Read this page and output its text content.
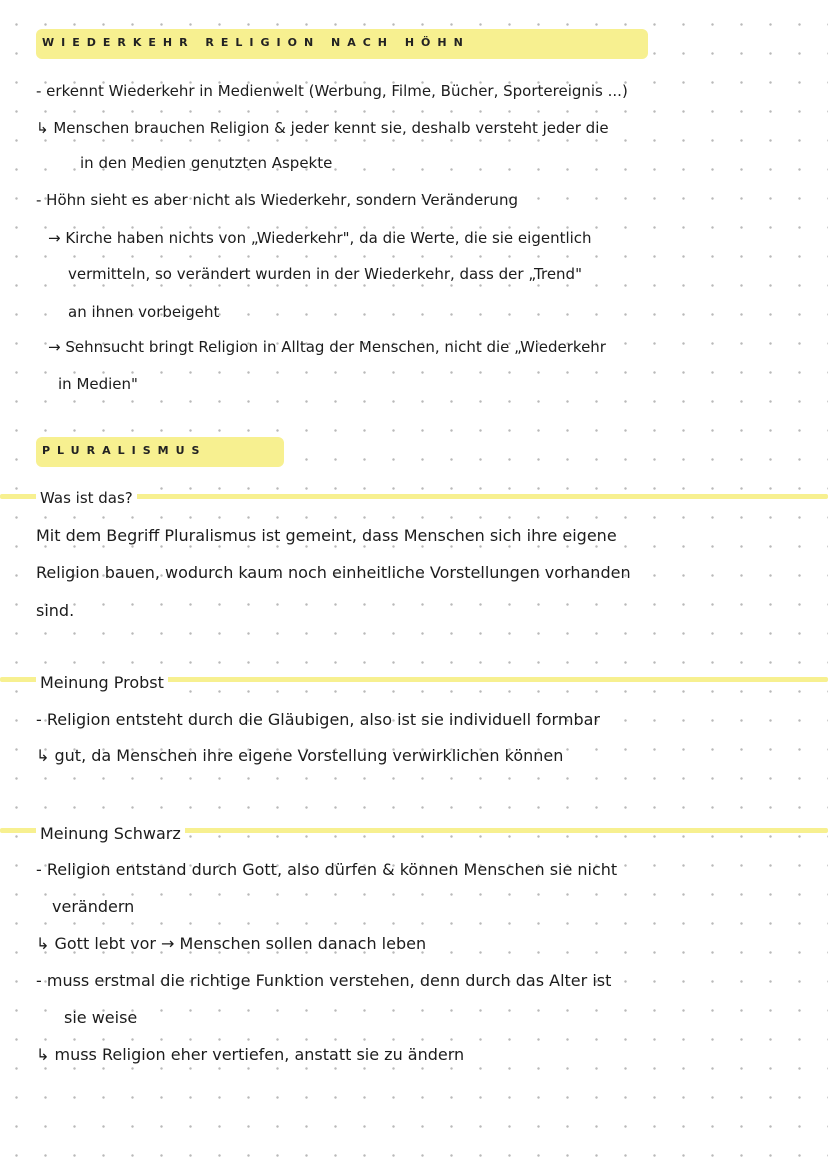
WIEDERKEHR RELIGION NACH HÖHN
- erkennt Wiederkehr in Medienwelt (Werbung, Filme, Bücher, Sportereignis ...)
↳ Menschen brauchen Religion & jeder kennt sie, deshalb versteht jeder die
in den Medien genutzten Aspekte
- Höhn sieht es aber nicht als Wiederkehr, sondern Veränderung
→ Kirche haben nichts von „Wiederkehr", da die Werte, die sie eigentlich
vermitteln, so verändert wurden in der Wiederkehr, dass der „Trend"
an ihnen vorbeigeht
→ Sehnsucht bringt Religion in Alltag der Menschen, nicht die „Wiederkehr
in Medien"
PLURALISMUS
Was ist das?
Mit dem Begriff Pluralismus ist gemeint, dass Menschen sich ihre eigene
Religion bauen, wodurch kaum noch einheitliche Vorstellungen vorhanden
sind.
Meinung Probst
- Religion entsteht durch die Gläubigen, also ist sie individuell formbar
↳ gut, da Menschen ihre eigene Vorstellung verwirklichen können
Meinung Schwarz
- Religion entstand durch Gott, also dürfen & können Menschen sie nicht
verändern
↳ Gott lebt vor → Menschen sollen danach leben
- muss erstmal die richtige Funktion verstehen, denn durch das Alter ist
sie weise
↳ muss Religion eher vertiefen, anstatt sie zu ändern
